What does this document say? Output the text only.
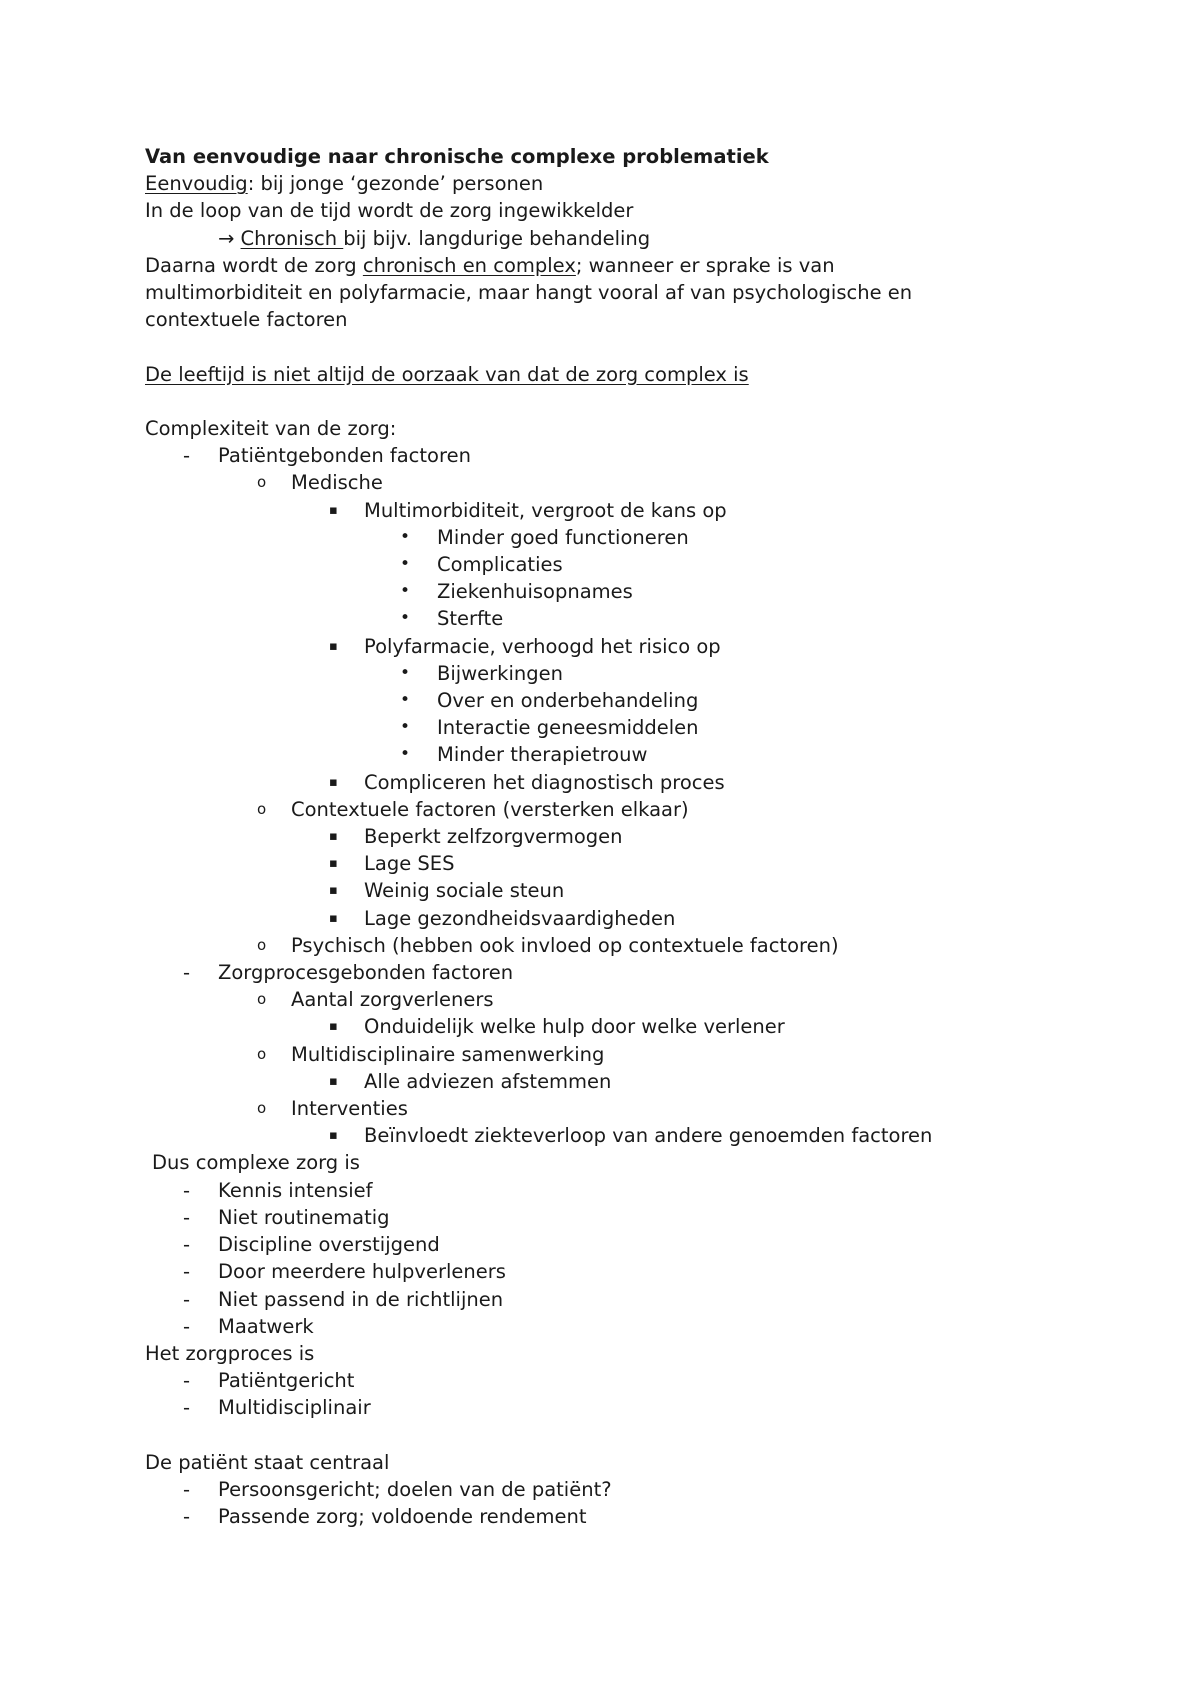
Van eenvoudige naar chronische complexe problematiek
Eenvoudig: bij jonge ‘gezonde’ personen
In de loop van de tijd wordt de zorg ingewikkelder
→ Chronisch bij bijv. langdurige behandeling
Daarna wordt de zorg chronisch en complex; wanneer er sprake is van
multimorbiditeit en polyfarmacie, maar hangt vooral af van psychologische en
contextuele factoren
De leeftijd is niet altijd de oorzaak van dat de zorg complex is
Complexiteit van de zorg:
- Patiëntgebonden factoren
o Medische
▪ Multimorbiditeit, vergroot de kans op
• Minder goed functioneren
• Complicaties
• Ziekenhuisopnames
• Sterfte
▪ Polyfarmacie, verhoogd het risico op
• Bijwerkingen
• Over en onderbehandeling
• Interactie geneesmiddelen
• Minder therapietrouw
▪ Compliceren het diagnostisch proces
o Contextuele factoren (versterken elkaar)
▪ Beperkt zelfzorgvermogen
▪ Lage SES
▪ Weinig sociale steun
▪ Lage gezondheidsvaardigheden
o Psychisch (hebben ook invloed op contextuele factoren)
- Zorgprocesgebonden factoren
o Aantal zorgverleners
▪ Onduidelijk welke hulp door welke verlener
o Multidisciplinaire samenwerking
▪ Alle adviezen afstemmen
o Interventies
▪ Beïnvloedt ziekteverloop van andere genoemden factoren
Dus complexe zorg is
- Kennis intensief
- Niet routinematig
- Discipline overstijgend
- Door meerdere hulpverleners
- Niet passend in de richtlijnen
- Maatwerk
Het zorgproces is
- Patiëntgericht
- Multidisciplinair
De patiënt staat centraal
- Persoonsgericht; doelen van de patiënt?
- Passende zorg; voldoende rendement
